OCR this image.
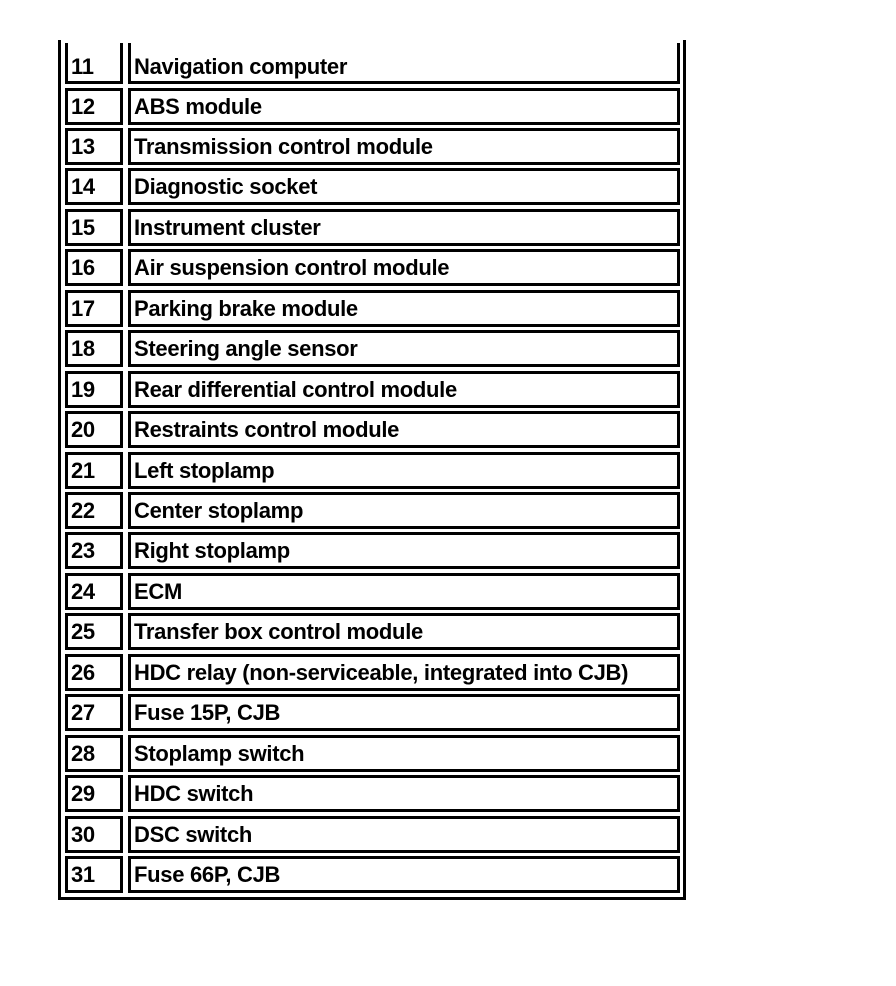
11	Navigation computer
12	ABS module
13	Transmission control module
14	Diagnostic socket
15	Instrument cluster
16	Air suspension control module
17	Parking brake module
18	Steering angle sensor
19	Rear differential control module
20	Restraints control module
21	Left stoplamp
22	Center stoplamp
23	Right stoplamp
24	ECM
25	Transfer box control module
26	HDC relay (non-serviceable, integrated into CJB)
27	Fuse 15P, CJB
28	Stoplamp switch
29	HDC switch
30	DSC switch
31	Fuse 66P, CJB
